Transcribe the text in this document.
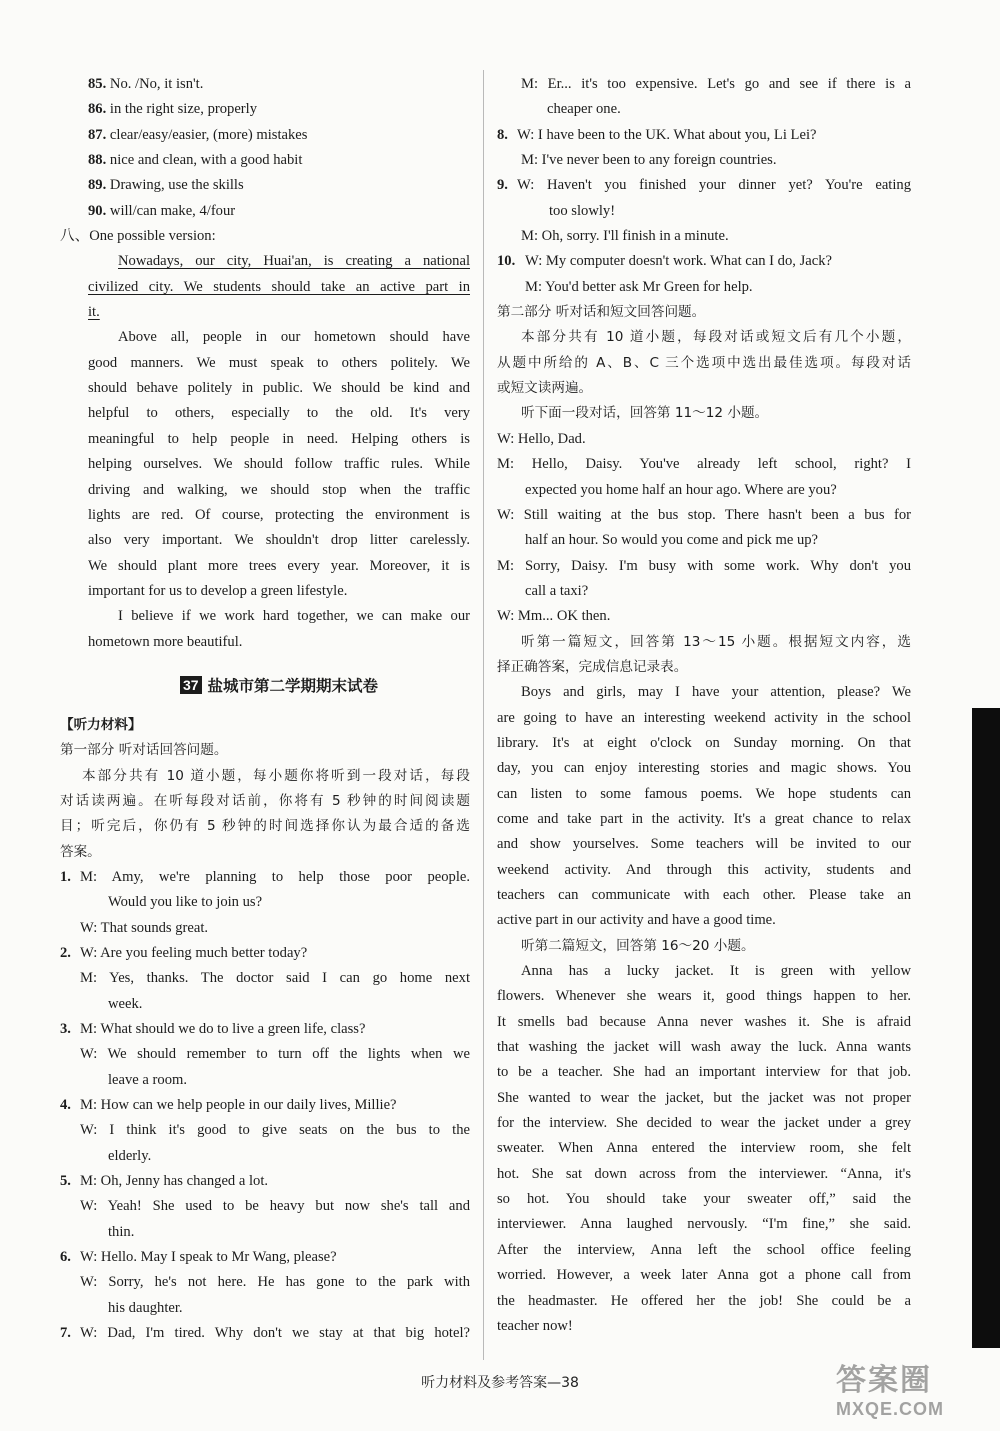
85. No. /No, it isn't.
86. in the right size, properly
87. clear/easy/easier, (more) mistakes
88. nice and clean, with a good habit
89. Drawing, use the skills
90. will/can make, 4/four
八、One possible version:
Nowadays, our city, Huai'an, is creating a national
civilized city. We students should take an active part in
it.
Above all, people in our hometown should have
good manners. We must speak to others politely. We
should behave politely in public. We should be kind and
helpful to others, especially to the old. It's very
meaningful to help people in need. Helping others is
helping ourselves. We should follow traffic rules. While
driving and walking, we should stop when the traffic
lights are red. Of course, protecting the environment is
also very important. We shouldn't drop litter carelessly.
We should plant more trees every year. Moreover, it is
important for us to develop a green lifestyle.
I believe if we work hard together, we can make our
hometown more beautiful.
37 盐城市第二学期期末试卷
【听力材料】
第一部分 听对话回答问题。
本部分共有 10 道小题，每小题你将听到一段对话，每段
对话读两遍。在听每段对话前，你将有 5 秒钟的时间阅读题
目；听完后，你仍有 5 秒钟的时间选择你认为最合适的备选
答案。
1. M: Amy, we're planning to help those poor people.
Would you like to join us?
W: That sounds great.
2. W: Are you feeling much better today?
M: Yes, thanks. The doctor said I can go home next
week.
3. M: What should we do to live a green life, class?
W: We should remember to turn off the lights when we
leave a room.
4. M: How can we help people in our daily lives, Millie?
W: I think it's good to give seats on the bus to the
elderly.
5. M: Oh, Jenny has changed a lot.
W: Yeah! She used to be heavy but now she's tall and
thin.
6. W: Hello. May I speak to Mr Wang, please?
W: Sorry, he's not here. He has gone to the park with
his daughter.
7. W: Dad, I'm tired. Why don't we stay at that big hotel?
M: Er... it's too expensive. Let's go and see if there is a
cheaper one.
8. W: I have been to the UK. What about you, Li Lei?
M: I've never been to any foreign countries.
9. W: Haven't you finished your dinner yet? You're eating
too slowly!
M: Oh, sorry. I'll finish in a minute.
10. W: My computer doesn't work. What can I do, Jack?
M: You'd better ask Mr Green for help.
第二部分 听对话和短文回答问题。
本部分共有 10 道小题，每段对话或短文后有几个小题，
从题中所给的 A、B、C 三个选项中选出最佳选项。每段对话
或短文读两遍。
听下面一段对话，回答第 11～12 小题。
W: Hello, Dad.
M: Hello, Daisy. You've already left school, right? I
expected you home half an hour ago. Where are you?
W: Still waiting at the bus stop. There hasn't been a bus for
half an hour. So would you come and pick me up?
M: Sorry, Daisy. I'm busy with some work. Why don't you
call a taxi?
W: Mm... OK then.
听第一篇短文，回答第 13～15 小题。根据短文内容，选
择正确答案，完成信息记录表。
Boys and girls, may I have your attention, please? We
are going to have an interesting weekend activity in the school
library. It's at eight o'clock on Sunday morning. On that
day, you can enjoy interesting stories and magic shows. You
can listen to some famous poems. We hope students can
come and take part in the activity. It's a great chance to relax
and show yourselves. Some teachers will be invited to our
weekend activity. And through this activity, students and
teachers can communicate with each other. Please take an
active part in our activity and have a good time.
听第二篇短文，回答第 16～20 小题。
Anna has a lucky jacket. It is green with yellow
flowers. Whenever she wears it, good things happen to her.
It smells bad because Anna never washes it. She is afraid
that washing the jacket will wash away the luck. Anna wants
to be a teacher. She had an important interview for that job.
She wanted to wear the jacket, but the jacket was not proper
for the interview. She decided to wear the jacket under a grey
sweater. When Anna entered the interview room, she felt
hot. She sat down across from the interviewer. “Anna, it's
so hot. You should take your sweater off,” said the
interviewer. Anna laughed nervously. “I'm fine,” she said.
After the interview, Anna left the school office feeling
worried. However, a week later Anna got a phone call from
the headmaster. He offered her the job! She could be a
teacher now!
听力材料及参考答案—38	答案圈
MXQE.COM
